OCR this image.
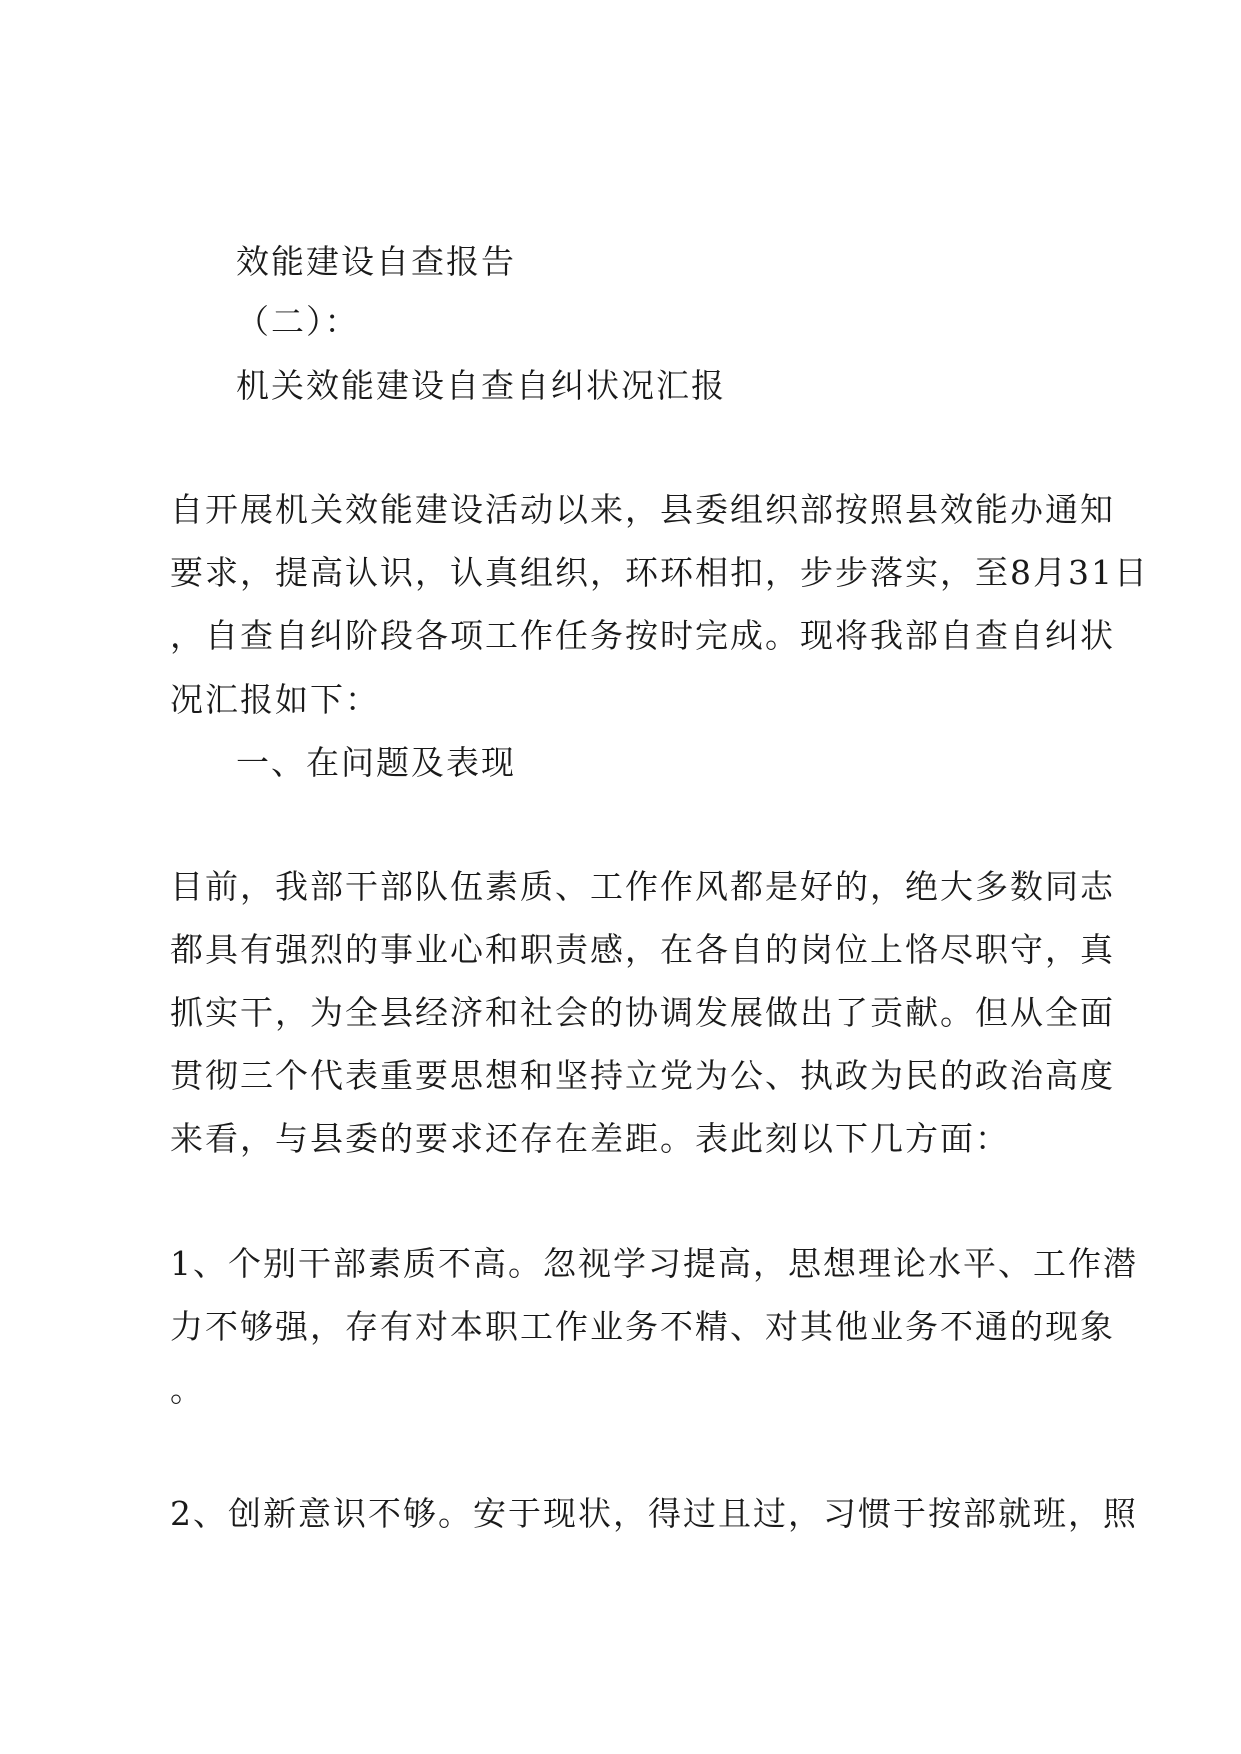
效能建设自查报告
（二）：
机关效能建设自查自纠状况汇报
自开展机关效能建设活动以来，县委组织部按照县效能办通知
要求，提高认识，认真组织，环环相扣，步步落实，至8月31日
，自查自纠阶段各项工作任务按时完成。现将我部自查自纠状
况汇报如下：
一、在问题及表现
目前，我部干部队伍素质、工作作风都是好的，绝大多数同志
都具有强烈的事业心和职责感，在各自的岗位上恪尽职守，真
抓实干，为全县经济和社会的协调发展做出了贡献。但从全面
贯彻三个代表重要思想和坚持立党为公、执政为民的政治高度
来看，与县委的要求还存在差距。表此刻以下几方面：
1、个别干部素质不高。忽视学习提高，思想理论水平、工作潜
力不够强，存有对本职工作业务不精、对其他业务不通的现象
。
2、创新意识不够。安于现状，得过且过，习惯于按部就班，照
